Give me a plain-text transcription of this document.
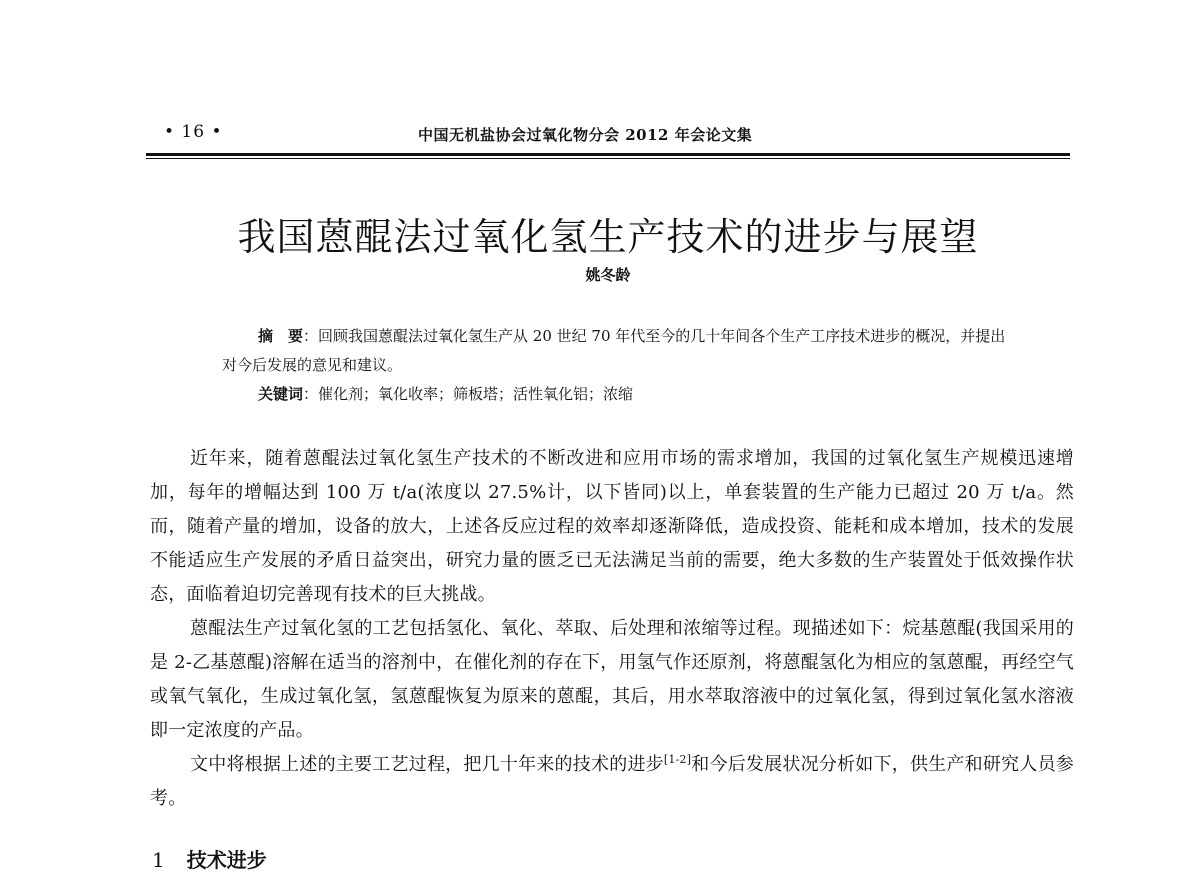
• 16 •	中国无机盐协会过氧化物分会 2012 年会论文集
我国蒽醌法过氧化氢生产技术的进步与展望
姚冬龄
摘　要：回顾我国蒽醌法过氧化氢生产从 20 世纪 70 年代至今的几十年间各个生产工序技术进步的概况，并提出对今后发展的意见和建议。
关键词：催化剂；氧化收率；筛板塔；活性氧化铝；浓缩

近年来，随着蒽醌法过氧化氢生产技术的不断改进和应用市场的需求增加，我国的过氧化氢生产规模迅速增加，每年的增幅达到 100 万 t/a(浓度以 27.5%计，以下皆同)以上，单套装置的生产能力已超过 20 万 t/a。然而，随着产量的增加，设备的放大，上述各反应过程的效率却逐渐降低，造成投资、能耗和成本增加，技术的发展不能适应生产发展的矛盾日益突出，研究力量的匮乏已无法满足当前的需要，绝大多数的生产装置处于低效操作状态，面临着迫切完善现有技术的巨大挑战。

蒽醌法生产过氧化氢的工艺包括氢化、氧化、萃取、后处理和浓缩等过程。现描述如下：烷基蒽醌(我国采用的是 2-乙基蒽醌)溶解在适当的溶剂中，在催化剂的存在下，用氢气作还原剂，将蒽醌氢化为相应的氢蒽醌，再经空气或氧气氧化，生成过氧化氢，氢蒽醌恢复为原来的蒽醌，其后，用水萃取溶液中的过氧化氢，得到过氧化氢水溶液即一定浓度的产品。

文中将根据上述的主要工艺过程，把几十年来的技术的进步[1-2]和今后发展状况分析如下，供生产和研究人员参考。

1 技术进步
